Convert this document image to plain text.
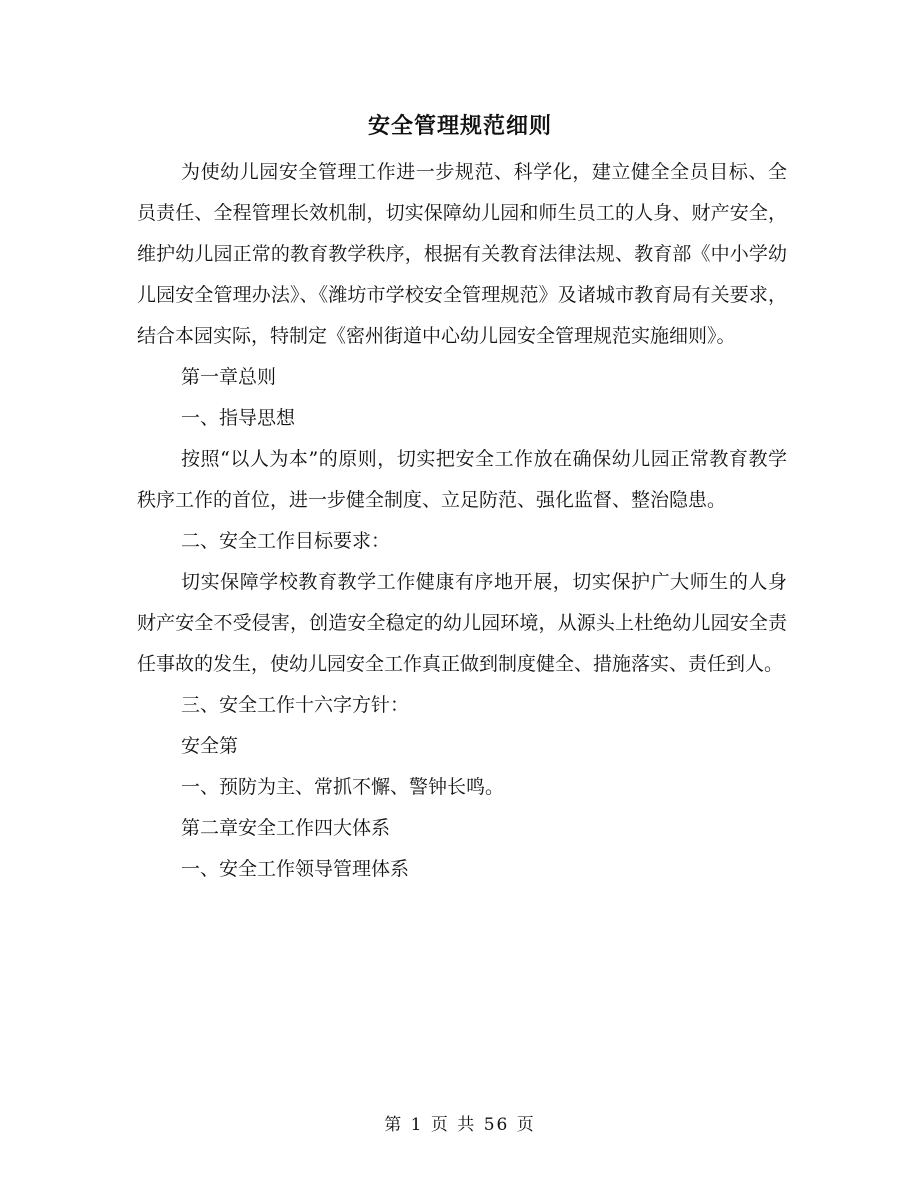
安全管理规范细则

为使幼儿园安全管理工作进一步规范、科学化，建立健全全员目标、全员责任、全程管理长效机制，切实保障幼儿园和师生员工的人身、财产安全，维护幼儿园正常的教育教学秩序，根据有关教育法律法规、教育部《中小学幼儿园安全管理办法》、《潍坊市学校安全管理规范》及诸城市教育局有关要求，结合本园实际，特制定《密州街道中心幼儿园安全管理规范实施细则》。

第一章总则

一、指导思想

按照“以人为本”的原则，切实把安全工作放在确保幼儿园正常教育教学秩序工作的首位，进一步健全制度、立足防范、强化监督、整治隐患。

二、安全工作目标要求：

切实保障学校教育教学工作健康有序地开展，切实保护广大师生的人身财产安全不受侵害，创造安全稳定的幼儿园环境，从源头上杜绝幼儿园安全责任事故的发生，使幼儿园安全工作真正做到制度健全、措施落实、责任到人。

三、安全工作十六字方针：

安全第

一、预防为主、常抓不懈、警钟长鸣。

第二章安全工作四大体系

一、安全工作领导管理体系

第 1 页 共 56 页
